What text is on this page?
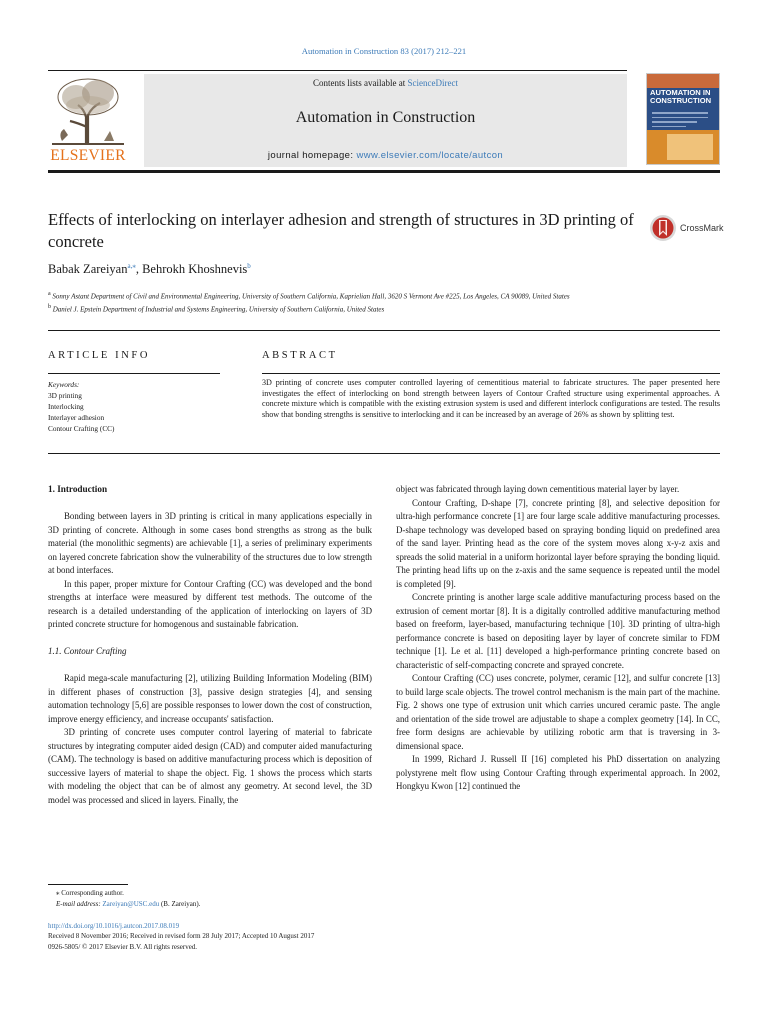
Automation in Construction 83 (2017) 212–221
ELSEVIER
Contents lists available at ScienceDirect
Automation in Construction
journal homepage: www.elsevier.com/locate/autcon
AUTOMATION IN CONSTRUCTION
Effects of interlocking on interlayer adhesion and strength of structures in 3D printing of concrete
CrossMark
Babak Zareiyan$^{a,⁎}$, Behrokh Khoshnevis$^b$
a Sonny Astant Department of Civil and Environmental Engineering, University of Southern California, Kaprielian Hall, 3620 S Vermont Ave #225, Los Angeles, CA 90089, United States
b Daniel J. Epstein Department of Industrial and Systems Engineering, University of Southern California, United States
ARTICLE INFO	ABSTRACT
Keywords:
3D printing
Interlocking
Interlayer adhesion
Contour Crafting (CC)
3D printing of concrete uses computer controlled layering of cementitious material to fabricate structures. The paper presented here investigates the effect of interlocking on bond strength between layers of Contour Crafted structure using experimental approaches. A concrete mixture which is compatible with the existing extrusion system is used and different interlock configurations are tested. The results show that bonding strengths is sensitive to interlocking and it can be increased by an average of 26% as shown by splitting test.
1. Introduction

Bonding between layers in 3D printing is critical in many applications especially in 3D printing of concrete. Although in some cases bond strengths as strong as the bulk material (the monolithic segments) are achievable [1], a series of preliminary experiments on layered concrete fabrication show the vulnerability of the structures due to low strength at bond interfaces.

In this paper, proper mixture for Contour Crafting (CC) was developed and the bond strengths at interface were measured by different test methods. The outcome of the research is a detailed understanding of the application of interlocking on layers of 3D printed concrete structure for homogenous and sustainable fabrication.

1.1. Contour Crafting

Rapid mega-scale manufacturing [2], utilizing Building Information Modeling (BIM) in different phases of construction [3], passive design strategies [4], and sensing automation technology [5,6] are possible responses to lower down the cost of construction, improve energy efficiency, and increase occupants' satisfaction.

3D printing of concrete uses computer control layering of material to fabricate structures by integrating computer aided design (CAD) and computer aided manufacturing (CAM). The technology is based on additive manufacturing process which is deposition of successive layers of material to shape the object. Fig. 1 shows the process which starts with modeling the object that can be of almost any geometry. At second level, the 3D model was processed and sliced in layers. Finally, the

object was fabricated through laying down cementitious material layer by layer.

Contour Crafting, D-shape [7], concrete printing [8], and selective deposition for ultra-high performance concrete [1] are four large scale additive manufacturing processes. D-shape technology was developed based on spraying bonding liquid on predefined area of the sand layer. Printing head as the core of the system moves along x-y-z axis and spreads the solid material in a uniform horizontal layer before spraying the bonding liquid. The printing head lifts up on the z-axis and the same sequence is repeated until the model is completed [9].

Concrete printing is another large scale additive manufacturing process based on the extrusion of cement mortar [8]. It is a digitally controlled additive manufacturing method based on freeform, layer-based, manufacturing technique [10]. 3D printing of ultra-high performance concrete is based on depositing layer by layer of concrete similar to FDM technique [1]. Le et al. [11] developed a high-performance printing concrete based on characteristic of self-compacting concrete and sprayed concrete.

Contour Crafting (CC) uses concrete, polymer, ceramic [12], and sulfur concrete [13] to build large scale objects. The trowel control mechanism is the main part of the machine. Fig. 2 shows one type of extrusion unit which carries uncured ceramic paste. The angle and orientation of the side trowel are adjustable to shape a complex geometry [14]. In CC, free form designs are achievable by utilizing robotic arm that is traversing in 3-dimensional space.

In 1999, Richard J. Russell II [16] completed his PhD dissertation on analyzing polystyrene melt flow using Contour Crafting through experimental approach. In 2002, Hongkyu Kwon [12] continued the

⁎ Corresponding author.
E-mail address: Zareiyan@USC.edu (B. Zareiyan).
http://dx.doi.org/10.1016/j.autcon.2017.08.019
Received 8 November 2016; Received in revised form 28 July 2017; Accepted 10 August 2017
0926-5805/ © 2017 Elsevier B.V. All rights reserved.
